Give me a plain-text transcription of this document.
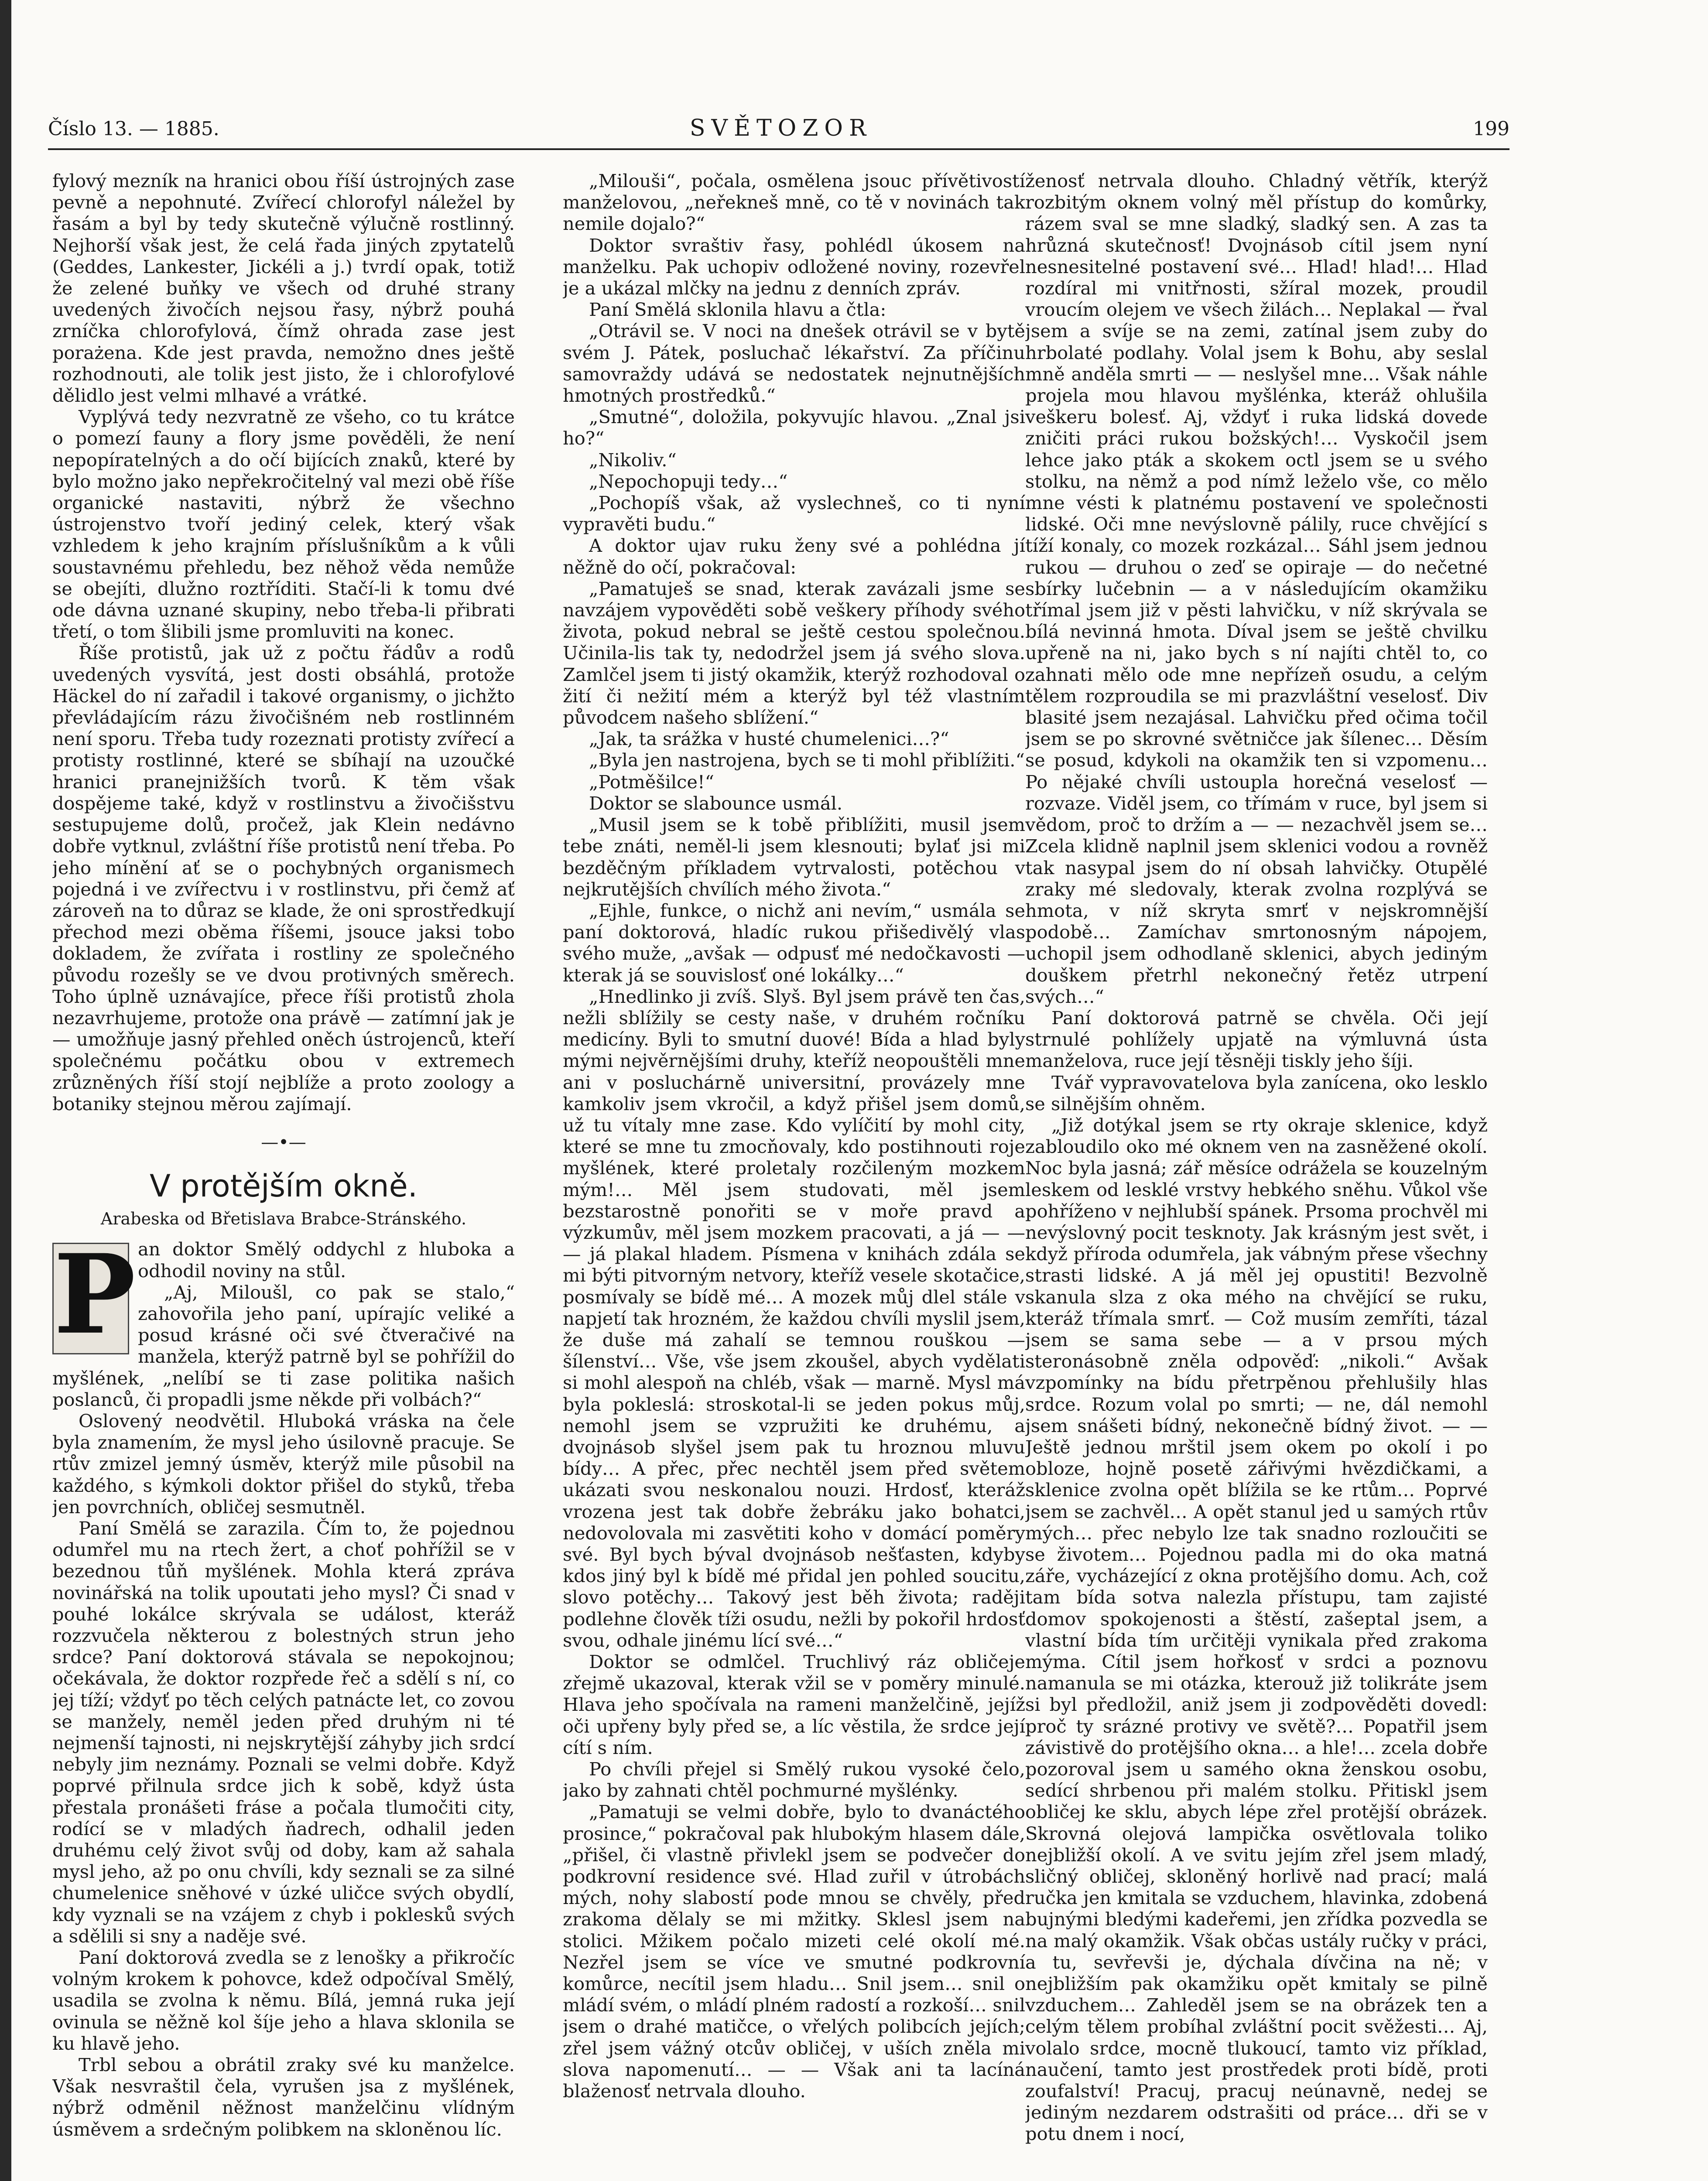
Číslo 13. — 1885.	SVĚTOZOR	199

fylový mezník na hranici obou říší ústrojných zase pevně a nepohnuté. Zvířecí chlorofyl náležel by řasám a byl by tedy skutečně výlučně rostlinný. Nejhorší však jest, že celá řada jiných zpytatelů (Geddes, Lankester, Jickéli a j.) tvrdí opak, totiž že zelené buňky ve všech od druhé strany uvedených živočích nejsou řasy, nýbrž pouhá zrníčka chlorofylová, čímž ohrada zase jest porażena. Kde jest pravda, nemožno dnes ještě rozhodnouti, ale tolik jest jisto, že i chlorofylové dělidlo jest velmi mlhavé a vrátké.

Vyplývá tedy nezvratně ze všeho, co tu krátce o pomezí fauny a flory jsme pověděli, že není nepopíratelných a do očí bijících znaků, které by bylo možno jako nepřekročitelný val mezi obě říše organické nastaviti, nýbrž že všechno ústrojenstvo tvoří jediný celek, který však vzhledem k jeho krajním příslušníkům a k vůli soustavnému přehledu, bez něhož věda nemůže se obejíti, dlužno roztříditi. Stačí-li k tomu dvé ode dávna uznané skupiny, nebo třeba-li přibrati třetí, o tom šlibili jsme promluviti na konec.

Říše protistů, jak už z počtu řádův a rodů uvedených vysvítá, jest dosti obsáhlá, protože Häckel do ní zařadil i takové organismy, o jichžto převládajícím rázu živočišném neb rostlinném není sporu. Třeba tudy rozeznati protisty zvířecí a protisty rostlinné, které se sbíhají na uzoučké hranici pranejnižších tvorů. K těm však dospějeme také, když v rostlinstvu a živočišstvu sestupujeme dolů, pročež, jak Klein nedávno dobře vytknul, zvláštní říše protistů není třeba. Po jeho mínění ať se o pochybných organismech pojedná i ve zvířectvu i v rostlinstvu, při čemž ať zároveň na to důraz se klade, že oni sprostředkují přechod mezi oběma říšemi, jsouce jaksi tobo dokladem, že zvířata i rostliny ze společného původu rozešly se ve dvou protivných směrech. Toho úplně uznávajíce, přece říši protistů zhola nezavrhujeme, protože ona právě — zatímní jak je — umožňuje jasný přehled oněch ústrojenců, kteří společnému počátku obou v extremech zrůzněných říší stojí nejblíže a proto zoology a botaniky stejnou měrou zajímají.

—•—
V protějším okně.
Arabeska od Břetislava Brabce-Stránského.
P an doktor Smělý oddychl z hluboka a odhodil noviny na stůl.

„Aj, Miloušl, co pak se stalo,“ zahovořila jeho paní, upírajíc veliké a posud krásné oči své čtveračivé na manžela, kterýž patrně byl se pohřížil do myšlének, „nelíbí se ti zase politika našich poslanců, či propadli jsme někde při volbách?“

Oslovený neodvětil. Hluboká vráska na čele byla znamením, že mysl jeho úsilovně pracuje. Se rtův zmizel jemný úsměv, kterýž mile působil na každého, s kýmkoli doktor přišel do styků, třeba jen povrchních, obličej sesmutněl.

Paní Smělá se zarazila. Čím to, že pojednou odumřel mu na rtech žert, a choť pohřížil se v bezednou tůň myšlének. Mohla která zpráva novinářská na tolik upoutati jeho mysl? Či snad v pouhé lokálce skrývala se událost, kteráž rozzvučela některou z bolestných strun jeho srdce? Paní doktorová stávala se nepokojnou; očekávala, že doktor rozpřede řeč a sdělí s ní, co jej tíží; vždyť po těch celých patnácte let, co zovou se manžely, neměl jeden před druhým ni té nejmenší tajnosti, ni nejskrytější záhyby jich srdcí nebyly jim neznámy. Poznali se velmi dobře. Když poprvé přilnula srdce jich k sobě, když ústa přestala pronášeti fráse a počala tlumočiti city, rodící se v mladých ňadrech, odhalil jeden druhému celý život svůj od doby, kam až sahala mysl jeho, až po onu chvíli, kdy seznali se za silné chumelenice sněhové v úzké uličce svých obydlí, kdy vyznali se na vzájem z chyb i poklesků svých a sdělili si sny a naděje své.

Paní doktorová zvedla se z lenošky a přikročíc volným krokem k pohovce, kdež odpočíval Smělý, usadila se zvolna k němu. Bílá, jemná ruka její ovinula se něžně kol šíje jeho a hlava sklonila se ku hlavě jeho.

Trbl sebou a obrátil zraky své ku manželce. Však nesvraštil čela, vyrušen jsa z myšlének, nýbrž odměnil něžnost manželčinu vlídným úsměvem a srdečným polibkem na skloněnou líc.

„Milouši“, počala, osmělena jsouc přívětivostí manželovou, „neřekneš mně, co tě v novinách tak nemile dojalo?“

Doktor svraštiv řasy, pohlédl úkosem na manželku. Pak uchopiv odložené noviny, rozevřel je a ukázal mlčky na jednu z denních zpráv.

Paní Smělá sklonila hlavu a čtla:

„Otrávil se. V noci na dnešek otrávil se v bytě svém J. Pátek, posluchač lékařství. Za příčinu samovraždy udává se nedostatek nejnutnějších hmotných prostředků.“

„Smutné“, doložila, pokyvujíc hlavou. „Znal jsi ho?“

„Nikoliv.“

„Nepochopuji tedy…“

„Pochopíš však, až vyslechneš, co ti nyní vypravěti budu.“

A doktor ujav ruku ženy své a pohlédna jí něžně do očí, pokračoval:

„Pamatuješ se snad, kterak zavázali jsme se navzájem vypověděti sobě veškery příhody svého života, pokud nebral se ještě cestou společnou. Učinila-lis tak ty, nedodržel jsem já svého slova. Zamlčel jsem ti jistý okamžik, kterýž rozhodoval o žití či nežití mém a kterýž byl též vlastním původcem našeho sblížení.“

„Jak, ta srážka v husté chumelenici…?“

„Byla jen nastrojena, bych se ti mohl přiblížiti.“

„Potměšilce!“

Doktor se slabounce usmál.

„Musil jsem se k tobě přiblížiti, musil jsem tebe znáti, neměl-li jsem klesnouti; bylať jsi mi bezděčným příkladem vytrvalosti, potěchou v nejkrutějších chvílích mého života.“

„Ejhle, funkce, o nichž ani nevím,“ usmála se paní doktorová, hladíc rukou přišedivělý vlas svého muže, „avšak — odpusť mé nedočkavosti — kterak já se souvislosť oné lokálky…“

„Hnedlinko ji zvíš. Slyš. Byl jsem právě ten čas, nežli sblížily se cesty naše, v druhém ročníku medicíny. Byli to smutní duové! Bída a hlad byly mými nejvěrnějšími druhy, kteříž neopouštěli mne ani v posluchárně universitní, provázely mne kamkoliv jsem vkročil, a když přišel jsem domů, už tu vítaly mne zase. Kdo vylíčití by mohl city, které se mne tu zmocňovaly, kdo postihnouti roje myšlének, které proletaly rozčileným mozkem mým!… Měl jsem studovati, měl jsem bezstarostně ponořiti se v moře pravd a výzkumův, měl jsem mozkem pracovati, a já — — — já plakal hladem. Písmena v knihách zdála se mi býti pitvorným netvory, kteříž vesele skotačice, posmívaly se bídě mé… A mozek můj dlel stále v napjetí tak hrozném, že každou chvíli myslil jsem, že duše má zahalí se temnou rouškou — šílenství… Vše, vše jsem zkoušel, abych vydělati si mohl alespoň na chléb, však — marně. Mysl má byla pokleslá: stroskotal-li se jeden pokus můj, nemohl jsem se vzpružiti ke druhému, a dvojnásob slyšel jsem pak tu hroznou mluvu bídy… A přec, přec nechtěl jsem před světem ukázati svou neskonalou nouzi. Hrdosť, kteráž vrozena jest tak dobře žebráku jako bohatci, nedovolovala mi zasvětiti koho v domácí poměry své. Byl bych býval dvojnásob nešťasten, kdyby kdos jiný byl k bídě mé přidal jen pohled soucitu, slovo potěchy… Takový jest běh života; raději podlehne člověk tíži osudu, nežli by pokořil hrdosť svou, odhale jinému lící své…“

Doktor se odmlčel. Truchlivý ráz obličeje zřejmě ukazoval, kterak vžil se v poměry minulé. Hlava jeho spočívala na rameni manželčině, jejíž oči upřeny byly před se, a líc věstila, že srdce její cítí s ním.

Po chvíli přejel si Smělý rukou vysoké čelo, jako by zahnati chtěl pochmurné myšlénky.

„Pamatuji se velmi dobře, bylo to dvanáctého prosince,“ pokračoval pak hlubokým hlasem dále, „přišel, či vlastně přivlekl jsem se podvečer do podkrovní residence své. Hlad zuřil v útrobách mých, nohy slabostí pode mnou se chvěly, před zrakoma dělaly se mi mžitky. Sklesl jsem na stolici. Mžikem počalo mizeti celé okolí mé. Nezřel jsem se více ve smutné podkrovní komůrce, necítil jsem hladu… Snil jsem… snil o mládí svém, o mládí plném radostí a rozkoší… snil jsem o drahé matičce, o vřelých polibcích jejích; zřel jsem vážný otcův obličej, v uších zněla mi slova napomenutí… — — Však ani ta lacíná blaženosť netrvala dlouho.

ženosť netrvala dlouho. Chladný větřík, kterýž rozbitým oknem volný měl přístup do komůrky, rázem sval se mne sladký, sladký sen. A zas ta hrůzná skutečnosť! Dvojnásob cítil jsem nyní nesnesitelné postavení své… Hlad! hlad!… Hlad rozdíral mi vnitřnosti, sžíral mozek, proudil vroucím olejem ve všech žilách… Neplakal — řval jsem a svíje se na zemi, zatínal jsem zuby do hrbolaté podlahy. Volal jsem k Bohu, aby seslal mně anděla smrti — — neslyšel mne… Však náhle projela mou hlavou myšlénka, kteráž ohlušila veškeru bolesť. Aj, vždyť i ruka lidská dovede zničiti práci rukou božských!… Vyskočil jsem lehce jako pták a skokem octl jsem se u svého stolku, na němž a pod nímž leželo vše, co mělo mne vésti k platnému postavení ve společnosti lidské. Oči mne nevýslovně pálily, ruce chvějící s tíží konaly, co mozek rozkázal… Sáhl jsem jednou rukou — druhou o zeď se opiraje — do nečetné sbírky lučebnin — a v následujícím okamžiku třímal jsem již v pěsti lahvičku, v níž skrývala se bílá nevinná hmota. Díval jsem se ještě chvilku upřeně na ni, jako bych s ní najíti chtěl to, co zahnati mělo ode mne nepřízeň osudu, a celým tělem rozproudila se mi prazvláštní veselosť. Div blasité jsem nezajásal. Lahvičku před očima točil jsem se po skrovné světničce jak šílenec… Děsím se posud, kdykoli na okamžik ten si vzpomenu… Po nějaké chvíli ustoupla horečná veselosť — rozvaze. Viděl jsem, co třímám v ruce, byl jsem si vědom, proč to držím a — — nezachvěl jsem se… Zcela klidně naplnil jsem sklenici vodou a rovněž tak nasypal jsem do ní obsah lahvičky. Otupělé zraky mé sledovaly, kterak zvolna rozplývá se hmota, v níž skryta smrť v nejskromnější podobě… Zamíchav smrtonosným nápojem, uchopil jsem odhodlaně sklenici, abych jediným douškem přetrhl nekonečný řetěz utrpení svých…“

Paní doktorová patrně se chvěla. Oči její strnulé pohlížely upjatě na výmluvná ústa manželova, ruce její těsněji tiskly jeho šíji.

Tvář vypravovatelova byla zanícena, oko lesklo se silnějším ohněm.

„Již dotýkal jsem se rty okraje sklenice, když zabloudilo oko mé oknem ven na zasněžené okolí. Noc byla jasná; zář měsíce odrážela se kouzelným leskem od lesklé vrstvy hebkého sněhu. Vůkol vše pohříženo v nejhlubší spánek. Prsoma prochvěl mi nevýslovný pocit tesknoty. Jak krásným jest svět, i když příroda odumřela, jak vábným přese všechny strasti lidské. A já měl jej opustiti! Bezvolně skanula slza z oka mého na chvějící se ruku, kteráž třímala smrť. — Což musím zemříti, tázal jsem se sama sebe — a v prsou mých steronásobně zněla odpověď: „nikoli.“ Avšak vzpomínky na bídu přetrpěnou přehlušily hlas srdce. Rozum volal po smrti; — ne, dál nemohl jsem snášeti bídný, nekonečně bídný život. — — Ještě jednou mrštil jsem okem po okolí i po obloze, hojně posetě zářivými hvězdičkami, a sklenice zvolna opět blížila se ke rtům… Poprvé jsem se zachvěl… A opět stanul jed u samých rtův mých… přec nebylo lze tak snadno rozloučiti se se životem… Pojednou padla mi do oka matná záře, vycházející z okna protějšího domu. Ach, což tam bída sotva nalezla přístupu, tam zajisté domov spokojenosti a štěstí, zašeptal jsem, a vlastní bída tím určitěji vynikala před zrakoma mýma. Cítil jsem hořkosť v srdci a poznovu namanula se mi otázka, kterouž již tolikráte jsem si byl předložil, aniž jsem ji zodpověděti dovedl: proč ty srázné protivy ve světě?… Popatřil jsem závistivě do protějšího okna… a hle!… zcela dobře pozoroval jsem u samého okna ženskou osobu, sedící shrbenou při malém stolku. Přitiskl jsem obličej ke sklu, abych lépe zřel protější obrázek. Skrovná olejová lampička osvětlovala toliko nejbližší okolí. A ve svitu jejím zřel jsem mladý, sličný obličej, skloněný horlivě nad prací; malá ručka jen kmitala se vzduchem, hlavinka, zdobená bujnými bledými kadeřemi, jen zřídka pozvedla se na malý okamžik. Však občas ustály ručky v práci, a tu, sevřevši je, dýchala dívčina na ně; v nejbližším pak okamžiku opět kmitaly se pilně vzduchem… Zahleděl jsem se na obrázek ten a celým tělem probíhal zvláštní pocit svěžesti… Aj, volalo srdce, mocně tlukoucí, tamto viz příklad, naučení, tamto jest prostředek proti bídě, proti zoufalství! Pracuj, pracuj neúnavně, nedej se jediným nezdarem odstrašiti od práce… dři se v potu dnem i nocí,
